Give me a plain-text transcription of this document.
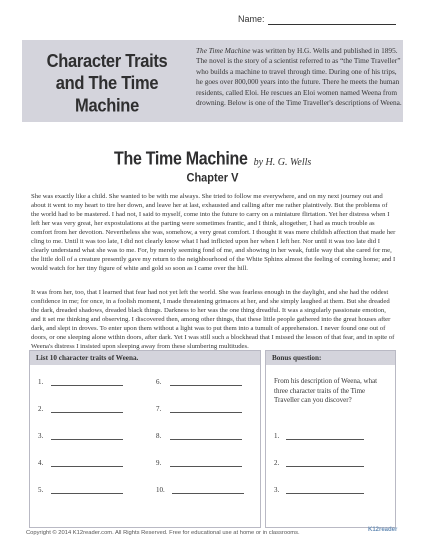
Name:
Character Traits and The Time Machine
The Time Machine was written by H.G. Wells and published in 1895. The novel is the story of a scientist referred to as “the Time Traveller” who builds a machine to travel through time. During one of his trips, he goes over 800,000 years into the future. There he meets the human residents, called Eloi. He rescues an Eloi women named Weena from drowning. Below is one of the Time Traveller's descriptions of Weena.
The Time Machine by H. G. Wells
Chapter V

She was exactly like a child. She wanted to be with me always. She tried to follow me everywhere, and on my next journey out and about it went to my heart to tire her down, and leave her at last, exhausted and calling after me rather plaintively. But the problems of the world had to be mastered. I had not, I said to myself, come into the future to carry on a miniature flirtation. Yet her distress when I left her was very great, her expostulations at the parting were sometimes frantic, and I think, altogether, I had as much trouble as comfort from her devotion. Nevertheless she was, somehow, a very great comfort. I thought it was mere childish affection that made her cling to me. Until it was too late, I did not clearly know what I had inflicted upon her when I left her. Nor until it was too late did I clearly understand what she was to me. For, by merely seeming fond of me, and showing in her weak, futile way that she cared for me, the little doll of a creature presently gave my return to the neighbourhood of the White Sphinx almost the feeling of coming home; and I would watch for her tiny figure of white and gold so soon as I came over the hill.

It was from her, too, that I learned that fear had not yet left the world. She was fearless enough in the daylight, and she had the oddest confidence in me; for once, in a foolish moment, I made threatening grimaces at her, and she simply laughed at them. But she dreaded the dark, dreaded shadows, dreaded black things. Darkness to her was the one thing dreadful. It was a singularly passionate emotion, and it set me thinking and observing. I discovered then, among other things, that these little people gathered into the great houses after dark, and slept in droves. To enter upon them without a light was to put them into a tumult of apprehension. I never found one out of doors, or one sleeping alone within doors, after dark. Yet I was still such a blockhead that I missed the lesson of that fear, and in spite of Weena's distress I insisted upon sleeping away from these slumbering multitudes.

List 10 character traits of Weena.
1.
2.
3.
4.
5.
6.
7.
8.
9.
10.
Bonus question:
From his description of Weena, what three character traits of the Time Traveller can you discover?
1.
2.
3.
Copyright © 2014 K12reader.com. All Rights Reserved. Free for educational use at home or in classrooms.	K12reader
